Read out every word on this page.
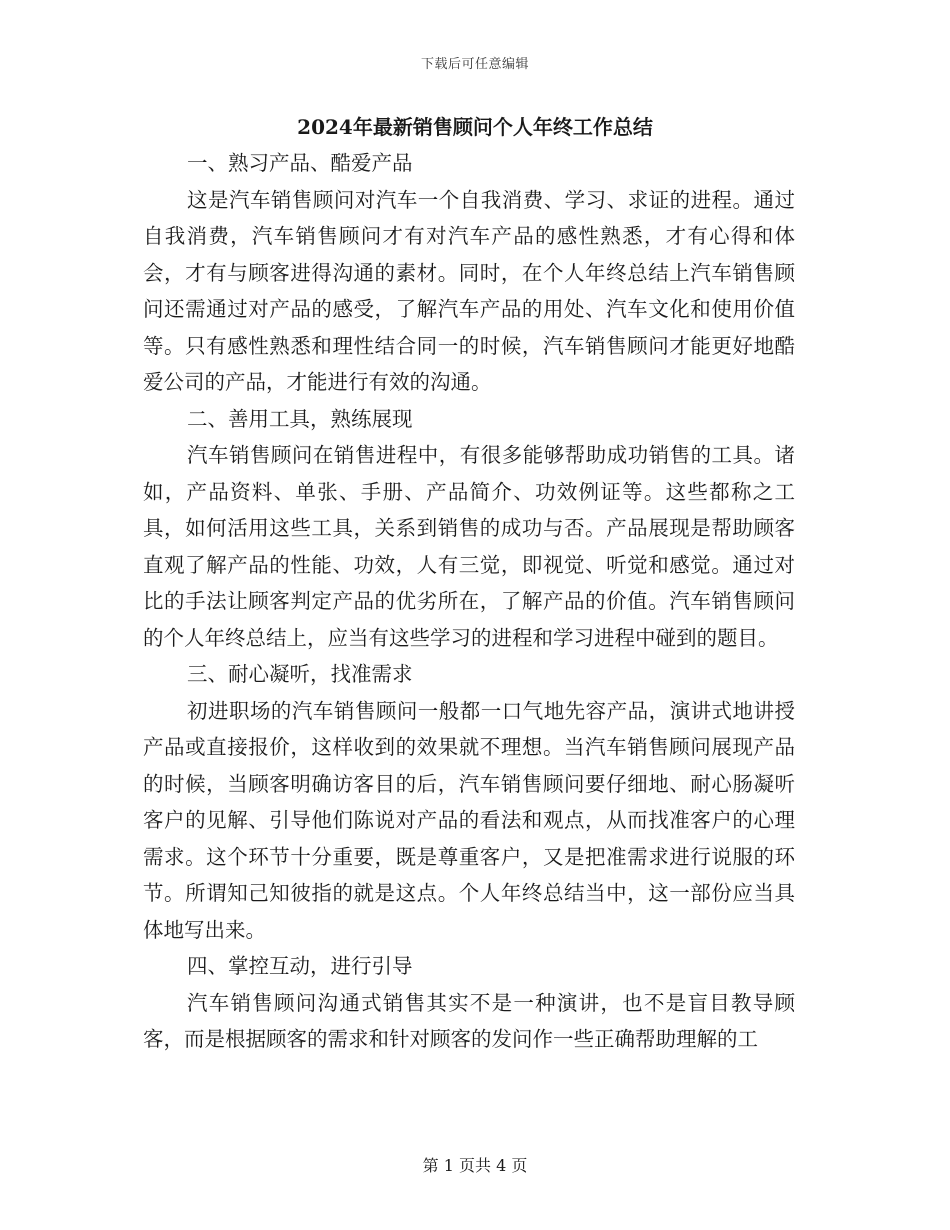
下载后可任意编辑
2024年最新销售顾问个人年终工作总结

一、熟习产品、酷爱产品

这是汽车销售顾问对汽车一个自我消费、学习、求证的进程。通过自我消费，汽车销售顾问才有对汽车产品的感性熟悉，才有心得和体会，才有与顾客进得沟通的素材。同时，在个人年终总结上汽车销售顾问还需通过对产品的感受，了解汽车产品的用处、汽车文化和使用价值等。只有感性熟悉和理性结合同一的时候，汽车销售顾问才能更好地酷爱公司的产品，才能进行有效的沟通。

二、善用工具，熟练展现

汽车销售顾问在销售进程中，有很多能够帮助成功销售的工具。诸如，产品资料、单张、手册、产品简介、功效例证等。这些都称之工具，如何活用这些工具，关系到销售的成功与否。产品展现是帮助顾客直观了解产品的性能、功效，人有三觉，即视觉、听觉和感觉。通过对比的手法让顾客判定产品的优劣所在，了解产品的价值。汽车销售顾问的个人年终总结上，应当有这些学习的进程和学习进程中碰到的题目。

三、耐心凝听，找准需求

初进职场的汽车销售顾问一般都一口气地先容产品，演讲式地讲授产品或直接报价，这样收到的效果就不理想。当汽车销售顾问展现产品的时候，当顾客明确访客目的后，汽车销售顾问要仔细地、耐心肠凝听客户的见解、引导他们陈说对产品的看法和观点，从而找准客户的心理需求。这个环节十分重要，既是尊重客户，又是把准需求进行说服的环节。所谓知己知彼指的就是这点。个人年终总结当中，这一部份应当具体地写出来。

四、掌控互动，进行引导

汽车销售顾问沟通式销售其实不是一种演讲，也不是盲目教导顾客，而是根据顾客的需求和针对顾客的发问作一些正确帮助理解的工

第 1 页共 4 页
